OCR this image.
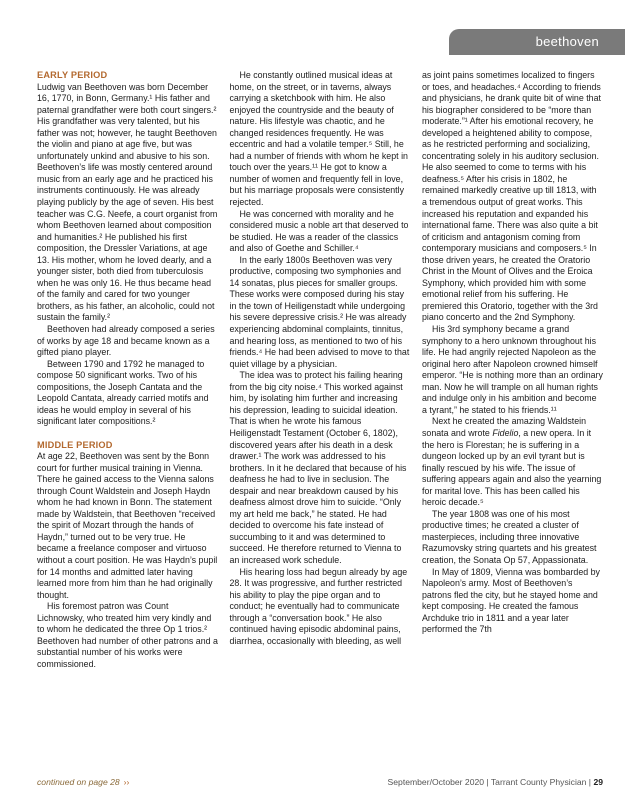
beethoven
EARLY PERIOD

Ludwig van Beethoven was born December 16, 1770, in Bonn, Germany.¹ His father and paternal grandfather were both court singers.² His grandfather was very talented, but his father was not; however, he taught Beethoven the violin and piano at age five, but was unfortunately unkind and abusive to his son. Beethoven’s life was mostly centered around music from an early age and he practiced his instruments continuously. He was already playing publicly by the age of seven. His best teacher was C.G. Neefe, a court organist from whom Beethoven learned about composition and humanities.² He published his first composition, the Dressler Variations, at age 13. His mother, whom he loved dearly, and a younger sister, both died from tuberculosis when he was only 16. He thus became head of the family and cared for two younger brothers, as his father, an alcoholic, could not sustain the family.²

Beethoven had already composed a series of works by age 18 and became known as a gifted piano player.

Between 1790 and 1792 he managed to compose 50 significant works. Two of his compositions, the Joseph Cantata and the Leopold Cantata, already carried motifs and ideas he would employ in several of his significant later compositions.²

MIDDLE PERIOD

At age 22, Beethoven was sent by the Bonn court for further musical training in Vienna. There he gained access to the Vienna salons through Count Waldstein and Joseph Haydn whom he had known in Bonn. The statement made by Waldstein, that Beethoven “received the spirit of Mozart through the hands of Haydn,” turned out to be very true. He became a freelance composer and virtuoso without a court position. He was Haydn’s pupil for 14 months and admitted later having learned more from him than he had originally thought.

His foremost patron was Count Lichnowsky, who treated him very kindly and to whom he dedicated the three Op 1 trios.² Beethoven had number of other patrons and a substantial number of his works were commissioned.

He constantly outlined musical ideas at home, on the street, or in taverns, always carrying a sketchbook with him. He also enjoyed the countryside and the beauty of nature. His lifestyle was chaotic, and he changed residences frequently. He was eccentric and had a volatile temper.⁵ Still, he had a number of friends with whom he kept in touch over the years.¹¹ He got to know a number of women and frequently fell in love, but his marriage proposals were consistently rejected.

He was concerned with morality and he considered music a noble art that deserved to be studied. He was a reader of the classics and also of Goethe and Schiller.⁴

In the early 1800s Beethoven was very productive, composing two symphonies and 14 sonatas, plus pieces for smaller groups. These works were composed during his stay in the town of Heiligenstadt while undergoing his severe depressive crisis.² He was already experiencing abdominal complaints, tinnitus, and hearing loss, as mentioned to two of his friends.⁴ He had been advised to move to that quiet village by a physician.

The idea was to protect his failing hearing from the big city noise.⁴ This worked against him, by isolating him further and increasing his depression, leading to suicidal ideation. That is when he wrote his famous Heiligenstadt Testament (October 6, 1802), discovered years after his death in a desk drawer.¹ The work was addressed to his brothers. In it he declared that because of his deafness he had to live in seclusion. The despair and near breakdown caused by his deafness almost drove him to suicide. “Only my art held me back,” he stated. He had decided to overcome his fate instead of succumbing to it and was determined to succeed. He therefore returned to Vienna to an increased work schedule.

His hearing loss had begun already by age 28. It was progressive, and further restricted his ability to play the pipe organ and to conduct; he eventually had to communicate through a “conversation book.” He also continued having episodic abdominal pains, diarrhea, occasionally with bleeding, as well

as joint pains sometimes localized to fingers or toes, and headaches.⁴ According to friends and physicians, he drank quite bit of wine that his biographer considered to be “more than moderate.”¹ After his emotional recovery, he developed a heightened ability to compose, as he restricted performing and socializing, concentrating solely in his auditory seclusion. He also seemed to come to terms with his deafness.⁵ After his crisis in 1802, he remained markedly creative up till 1813, with a tremendous output of great works. This increased his reputation and expanded his international fame. There was also quite a bit of criticism and antagonism coming from contemporary musicians and composers.⁵ In those driven years, he created the Oratorio Christ in the Mount of Olives and the Eroica Symphony, which provided him with some emotional relief from his suffering. He premiered this Oratorio, together with the 3rd piano concerto and the 2nd Symphony.

His 3rd symphony became a grand symphony to a hero unknown throughout his life. He had angrily rejected Napoleon as the original hero after Napoleon crowned himself emperor. “He is nothing more than an ordinary man. Now he will trample on all human rights and indulge only in his ambition and become a tyrant,” he stated to his friends.¹¹

Next he created the amazing Waldstein sonata and wrote Fidelio, a new opera. In it the hero is Florestan; he is suffering in a dungeon locked up by an evil tyrant but is finally rescued by his wife. The issue of suffering appears again and also the yearning for marital love. This has been called his heroic decade.⁵

The year 1808 was one of his most productive times; he created a cluster of masterpieces, including three innovative Razumovsky string quartets and his greatest creation, the Sonata Op 57, Appassionata.

In May of 1809, Vienna was bombarded by Napoleon’s army. Most of Beethoven’s patrons fled the city, but he stayed home and kept composing. He created the famous Archduke trio in 1811 and a year later performed the 7th

continued on page 28 ››	September/October 2020 | Tarrant County Physician | 29
